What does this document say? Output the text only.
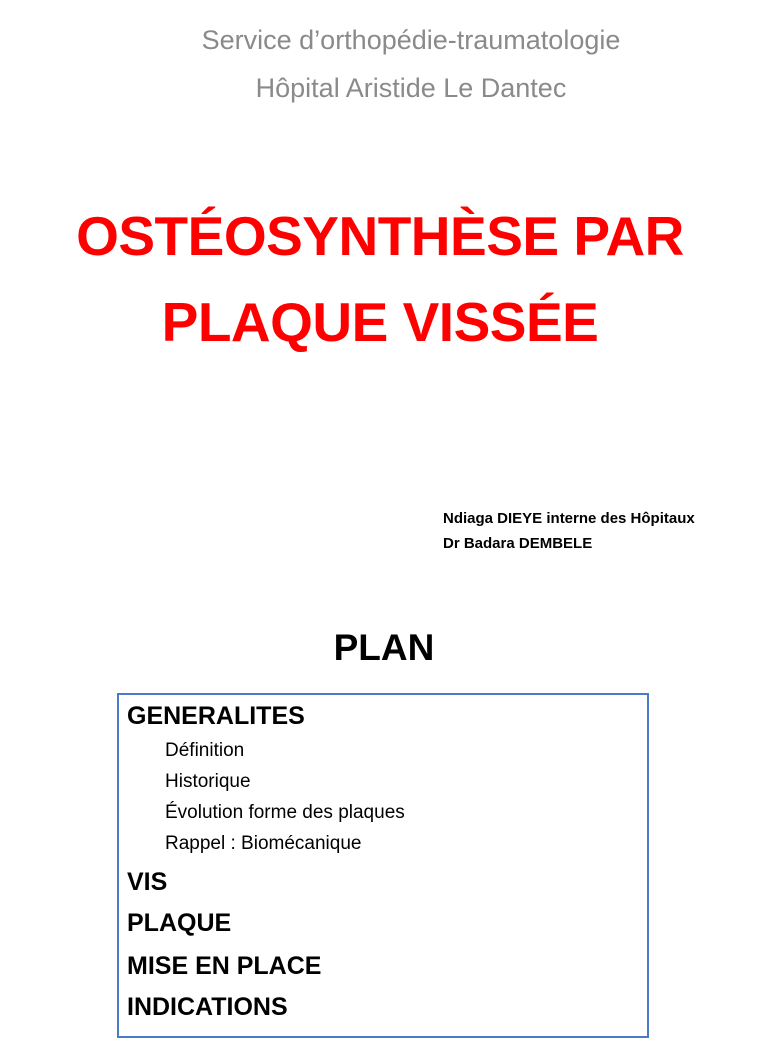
Service d’orthopédie-traumatologie
Hôpital Aristide Le Dantec
OSTÉOSYNTHÈSE PAR
PLAQUE VISSÉE
Ndiaga DIEYE interne des Hôpitaux
Dr Badara DEMBELE
PLAN
GENERALITES
Définition
Historique
Évolution forme des plaques
Rappel : Biomécanique
VIS
PLAQUE
MISE EN PLACE
INDICATIONS
